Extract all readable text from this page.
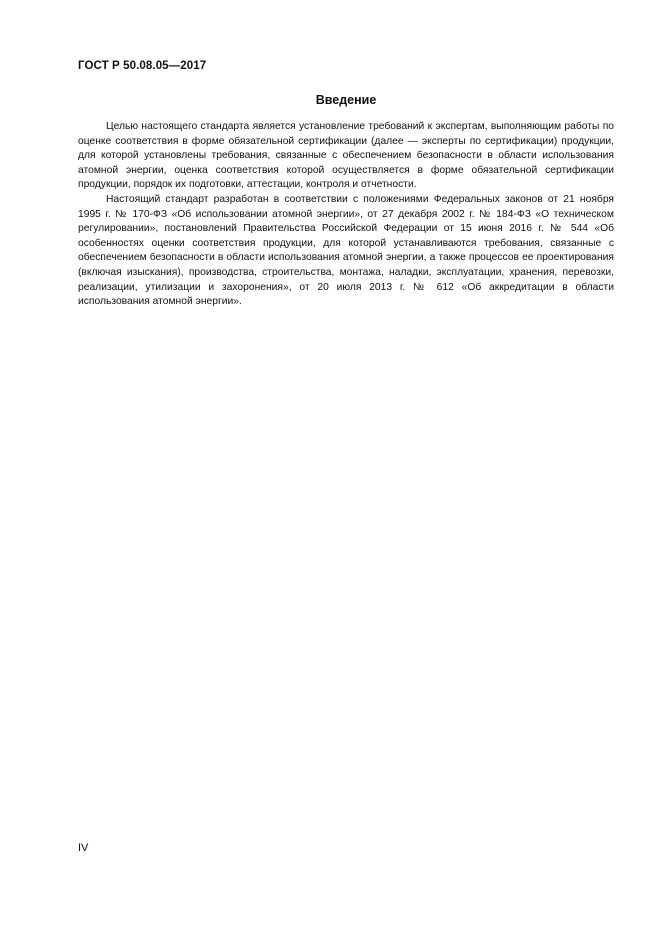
ГОСТ Р 50.08.05—2017
Введение

Целью настоящего стандарта является установление требований к экспертам, выполняющим работы по оценке соответствия в форме обязательной сертификации (далее — эксперты по сертификации) продукции, для которой установлены требования, связанные с обеспечением безопасности в области использования атомной энергии, оценка соответствия которой осуществляется в форме обязательной сертификации продукции, порядок их подготовки, аттестации, контроля и отчетности.

Настоящий стандарт разработан в соответствии с положениями Федеральных законов от 21 ноября 1995 г. № 170-ФЗ «Об использовании атомной энергии», от 27 декабря 2002 г. № 184-ФЗ «О техническом регулировании», постановлений Правительства Российской Федерации от 15 июня 2016 г. № 544 «Об особенностях оценки соответствия продукции, для которой устанавливаются требования, связанные с обеспечением безопасности в области использования атомной энергии, а также процессов ее проектирования (включая изыскания), производства, строительства, монтажа, наладки, эксплуатации, хранения, перевозки, реализации, утилизации и захоронения», от 20 июля 2013 г. № 612 «Об аккредитации в области использования атомной энергии».

IV
